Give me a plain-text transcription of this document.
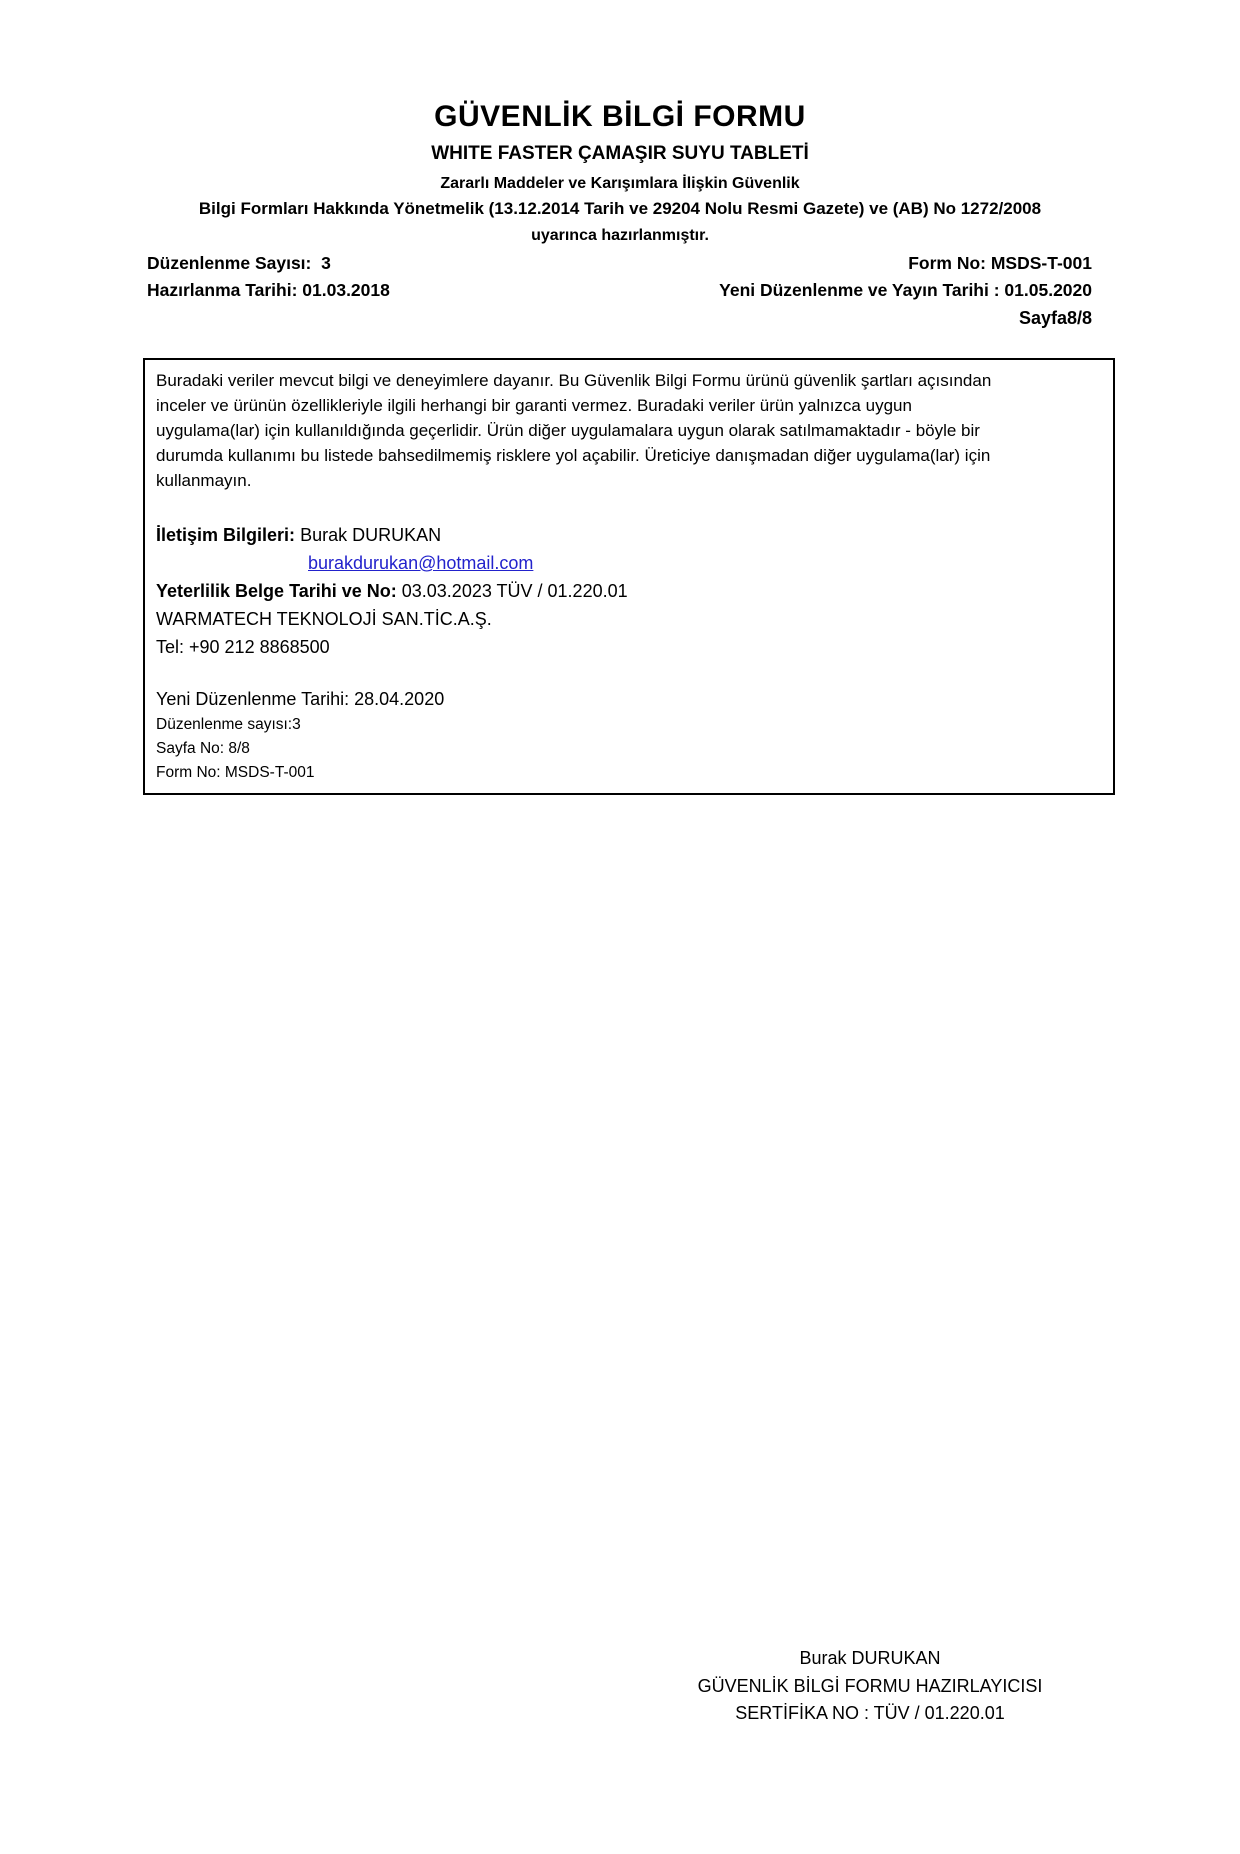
GÜVENLİK BİLGİ FORMU
WHITE FASTER ÇAMAŞIR SUYU TABLETİ
Zararlı Maddeler ve Karışımlara İlişkin Güvenlik
Bilgi Formları Hakkında Yönetmelik (13.12.2014 Tarih ve 29204 Nolu Resmi Gazete) ve (AB) No 1272/2008
uyarınca hazırlanmıştır.
Düzenlenme Sayısı:  3	Form No: MSDS-T-001
Hazırlanma Tarihi: 01.03.2018	Yeni Düzenlenme ve Yayın Tarihi : 01.05.2020
Sayfa8/8
Buradaki veriler mevcut bilgi ve deneyimlere dayanır. Bu Güvenlik Bilgi Formu ürünü güvenlik şartları açısından
inceler ve ürünün özellikleriyle ilgili herhangi bir garanti vermez. Buradaki veriler ürün yalnızca uygun
uygulama(lar) için kullanıldığında geçerlidir. Ürün diğer uygulamalara uygun olarak satılmamaktadır - böyle bir
durumda kullanımı bu listede bahsedilmemiş risklere yol açabilir. Üreticiye danışmadan diğer uygulama(lar) için
kullanmayın.
İletişim Bilgileri: Burak DURUKAN
burakdurukan@hotmail.com
Yeterlilik Belge Tarihi ve No: 03.03.2023 TÜV / 01.220.01
WARMATECH TEKNOLOJİ SAN.TİC.A.Ş.
Tel: +90 212 8868500
Yeni Düzenlenme Tarihi: 28.04.2020
Düzenlenme sayısı:3
Sayfa No: 8/8
Form No: MSDS-T-001
Burak DURUKAN
GÜVENLİK BİLGİ FORMU HAZIRLAYICISI
SERTİFİKA NO : TÜV / 01.220.01
